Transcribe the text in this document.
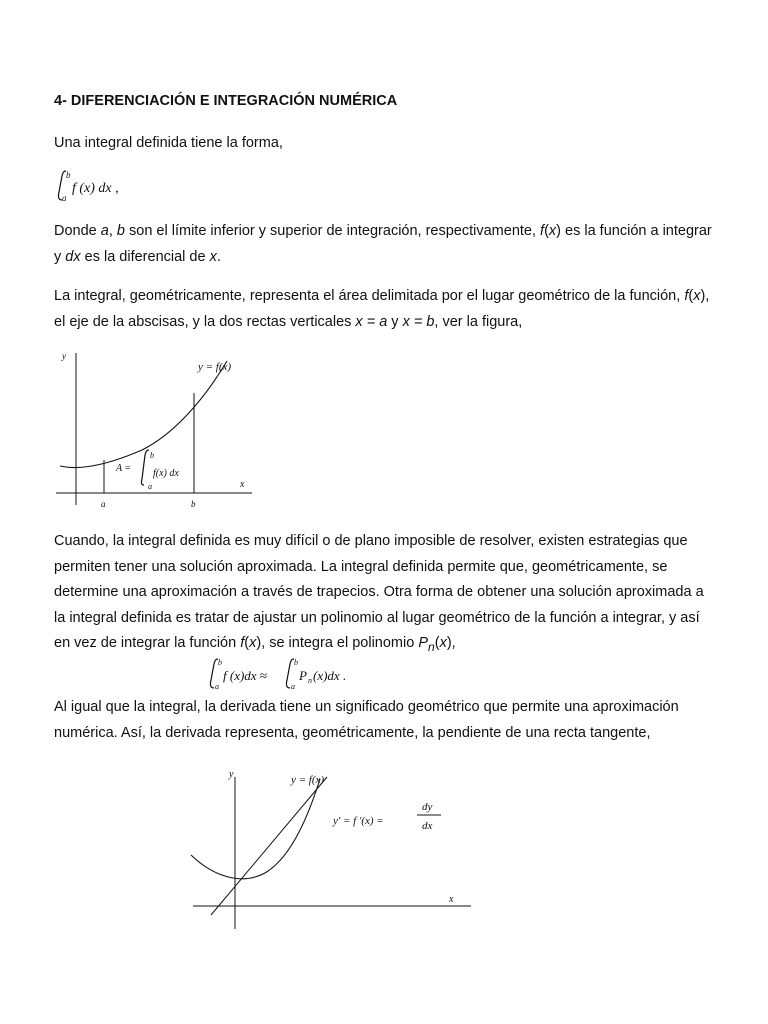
4- DIFERENCIACIÓN E INTEGRACIÓN NUMÉRICA

Una integral definida tiene la forma,

b
a
f (x) dx ,

Donde a, b son el límite inferior y superior de integración, respectivamente, f(x) es la función a integrar y dx es la diferencial de x.

La integral, geométricamente, representa el área delimitada por el lugar geométrico de la función, f(x), el eje de la abscisas, y la dos rectas verticales x = a y x = b, ver la figura,

y
x
y = f(x)
A =
b
a
f(x) dx
a	b

Cuando, la integral definida es muy difícil o de plano imposible de resolver, existen estrategias que permiten tener una solución aproximada. La integral definida permite que, geométricamente, se determine una aproximación a través de trapecios. Otra forma de obtener una solución aproximada a la integral definida es tratar de ajustar un polinomio al lugar geométrico de la función a integrar, y así en vez de integrar la función f(x), se integra el polinomio $P_n(x)$,

b
a
f (x)dx ≈
b
a
P n (x)dx .

Al igual que la integral, la derivada tiene un significado geométrico que permite una aproximación numérica. Así, la derivada representa, geométricamente, la pendiente de una recta tangente,

y
x
y = f(x)
y' = f '(x) =
dy
dx
